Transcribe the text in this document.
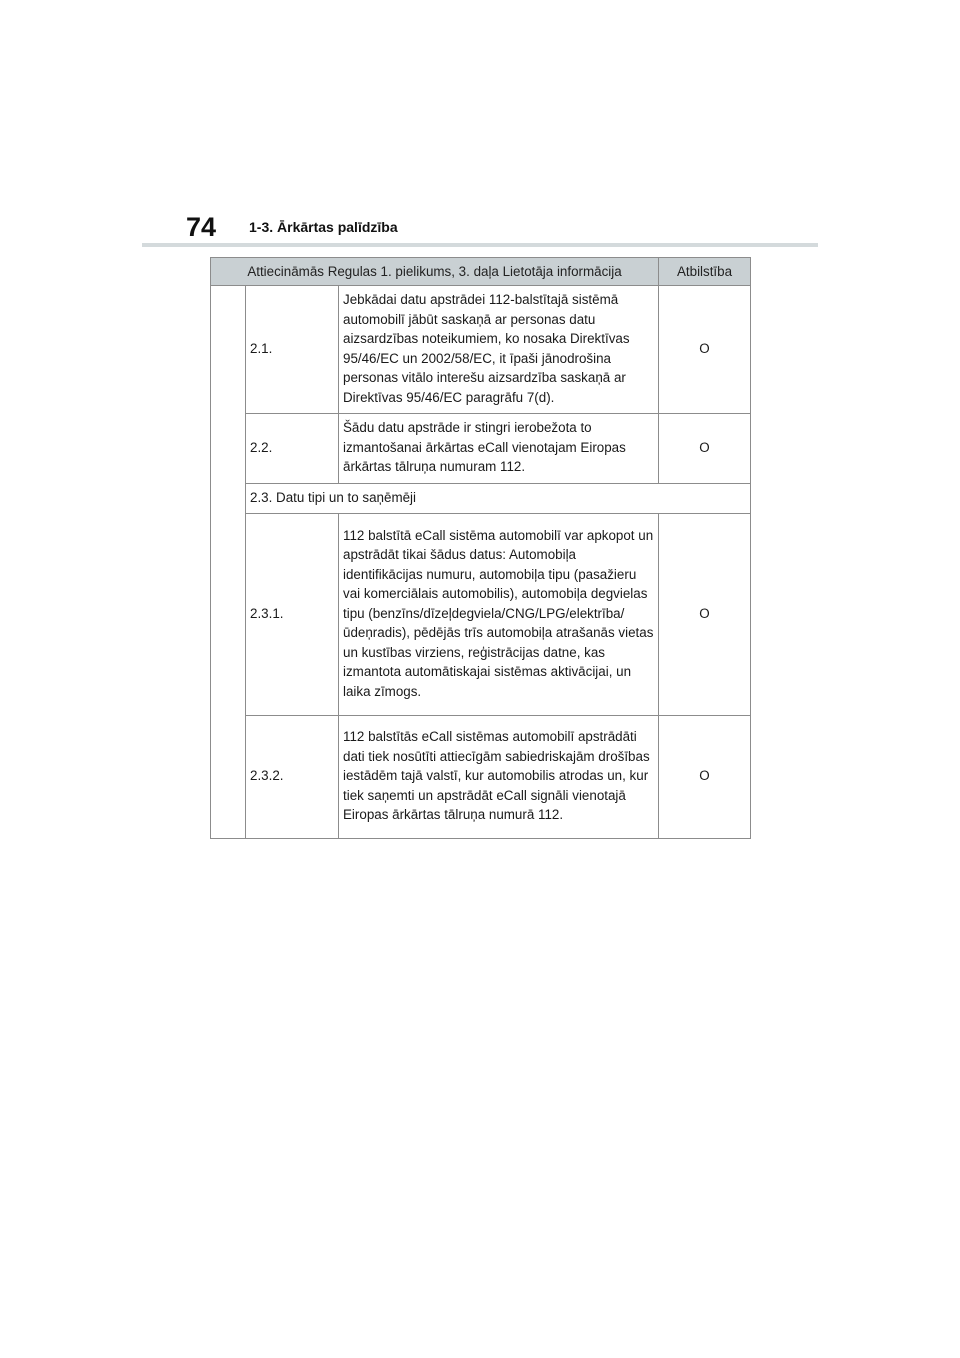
74 1-3. Ārkārtas palīdzība
Attiecināmās Regulas 1. pielikums, 3. daļa Lietotāja informācija			Atbilstība
	2.1.	Jebkādai datu apstrādei 112-balstītajā sistēmā automobilī jābūt saskaņā ar personas datu aizsardzības noteikumiem, ko nosaka Direktīvas 95/46/EC un 2002/58/EC, it īpaši jānodrošina personas vitālo interešu aizsardzība saskaņā ar Direktīvas 95/46/EC paragrāfu 7(d).	O
	2.2.	Šādu datu apstrāde ir stingri ierobežota to izmantošanai ārkārtas eCall vienotajam Eiropas ārkārtas tālruņa numuram 112.	O
	2.3. Datu tipi un to saņēmēji		
	2.3.1.	112 balstītā eCall sistēma automobilī var apkopot un apstrādāt tikai šādus datus: Automobiļa identifikācijas numuru, automobiļa tipu (pasažieru vai komerciālais automobilis), automobiļa degvielas tipu (benzīns/dīzeļdegviela/CNG/LPG/elektrība/ūdeņradis), pēdējās trīs automobiļa atrašanās vietas un kustības virziens, reģistrācijas datne, kas izmantota automātiskajai sistēmas aktivācijai, un laika zīmogs.	O
	2.3.2.	112 balstītās eCall sistēmas automobilī apstrādāti dati tiek nosūtīti attiecīgām sabiedriskajām drošības iestādēm tajā valstī, kur automobilis atrodas un, kur tiek saņemti un apstrādāt eCall signāli vienotajā Eiropas ārkārtas tālruņa numurā 112.	O
